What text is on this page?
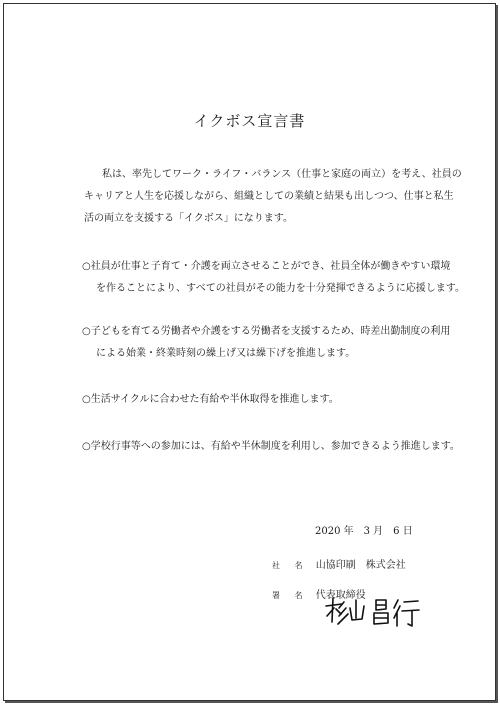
イクボス宣言書

私は、率先してワーク・ライフ・バランス（仕事と家庭の両立）を考え、社員の
キャリアと人生を応援しながら、組織としての業績と結果も出しつつ、仕事と私生
活の両立を支援する「イクボス」になります。

○社員が仕事と子育て・介護を両立させることができ、社員全体が働きやすい環境
を作ることにより、すべての社員がその能力を十分発揮できるように応援します。

○子どもを育てる労働者や介護をする労働者を支援するため、時差出勤制度の利用
による始業・終業時刻の繰上げ又は繰下げを推進します。

○生活サイクルに合わせた有給や半休取得を推進します。

○学校行事等への参加には、有給や半休制度を利用し、参加できるよう推進します。

2020 年　3 月　6 日
社 名 山協印刷　株式会社
署 名 代表取締役
